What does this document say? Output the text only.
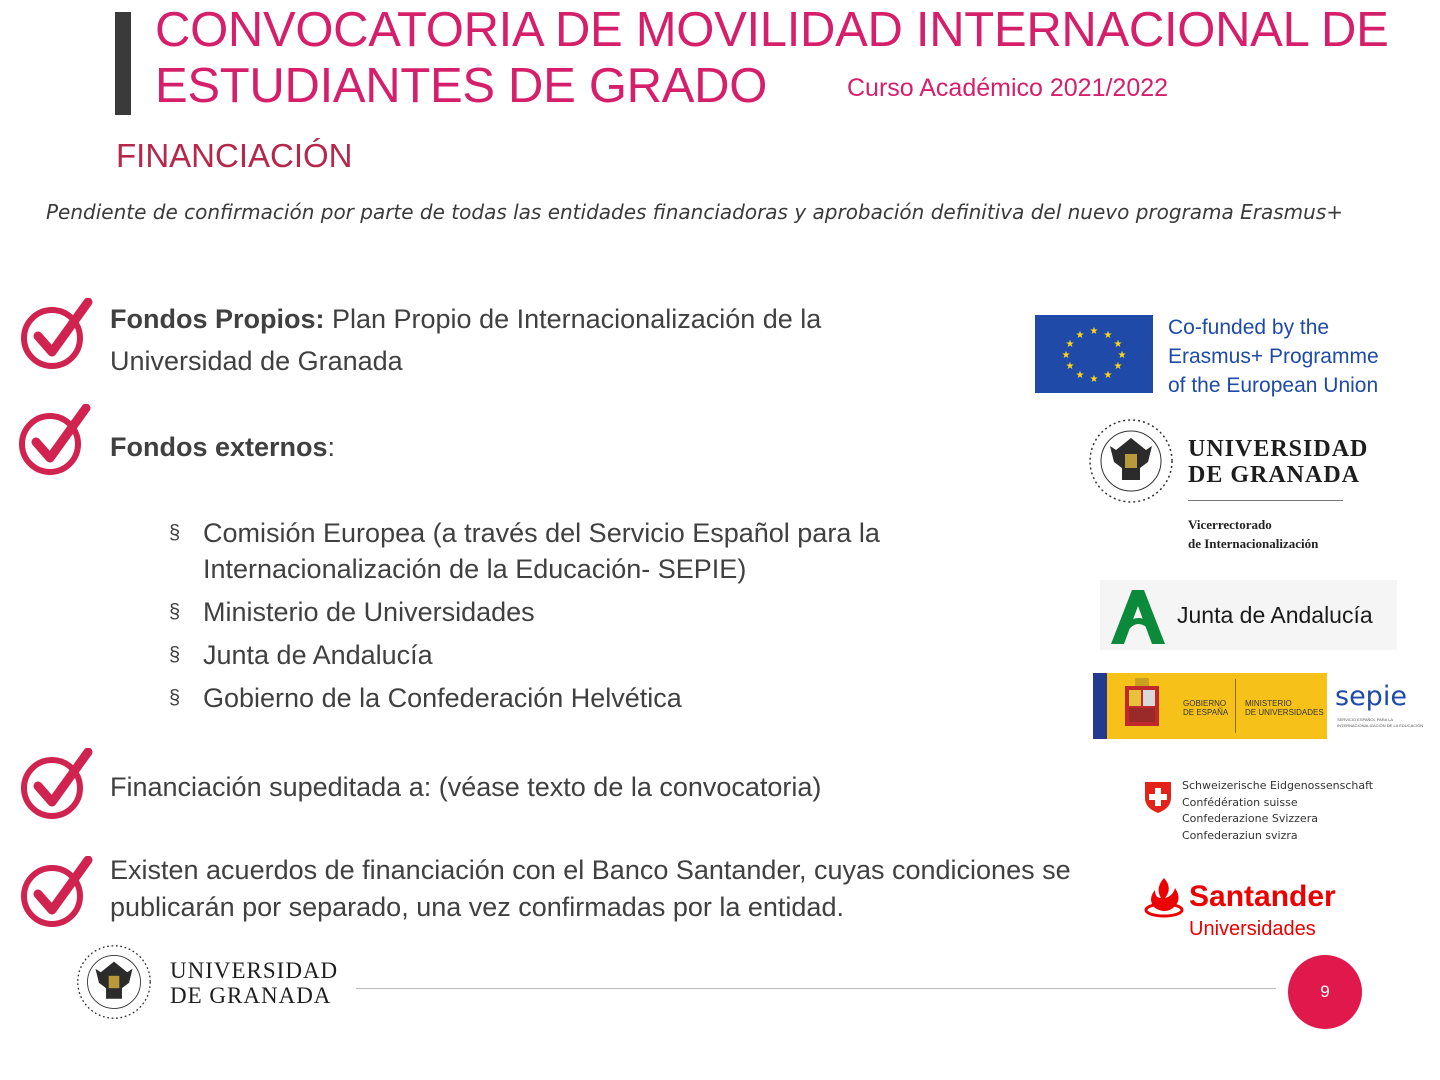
CONVOCATORIA DE MOVILIDAD INTERNACIONAL DE
ESTUDIANTES DE GRADO	Curso Académico 2021/2022
FINANCIACIÓN
Pendiente de confirmación por parte de todas las entidades financiadoras y aprobación definitiva del nuevo programa Erasmus+
Fondos Propios: Plan Propio de Internacionalización de la Universidad de Granada
Fondos externos:
§ Comisión Europea (a través del Servicio Español para la Internacionalización de la Educación- SEPIE)
§ Ministerio de Universidades
§ Junta de Andalucía
§ Gobierno de la Confederación Helvética
Financiación supeditada a: (véase texto de la convocatoria)
Existen acuerdos de financiación con el Banco Santander, cuyas condiciones se publicarán por separado, una vez confirmadas por la entidad.
★ ★
★
★
★
★
★
★
★
★
★
★	Co-funded by the
Erasmus+ Programme
of the European Union
UNIVERSIDAD
DE GRANADA
Vicerrectorado
de Internacionalización
Junta de Andalucía
GOBIERNO
DE ESPAÑA
MINISTERIO
DE UNIVERSIDADES
sepie
SERVICIO ESPAÑOL PARA LA
INTERNACIONALIZACIÓN DE LA EDUCACIÓN
Schweizerische Eidgenossenschaft
Confédération suisse
Confederazione Svizzera
Confederaziun svizra
Santander
Universidades
UNIVERSIDAD
DE GRANADA	9
